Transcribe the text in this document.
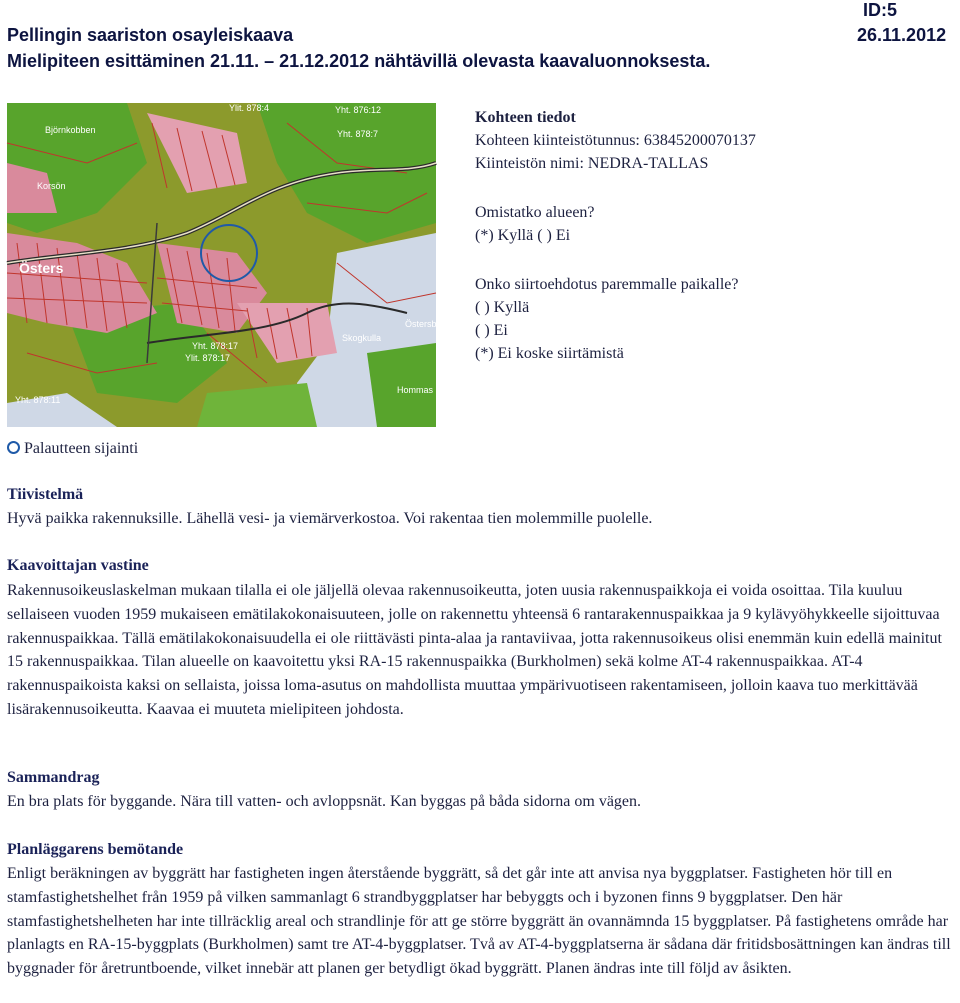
Pellingin saariston osayleiskaava
Mielipiteen esittäminen 21.11. – 21.12.2012 nähtävillä olevasta kaavaluonnoksesta.
ID:5
26.11.2012
Björnkobben
Korsön
Östers
Östersby
Hommas
Skogkulla
Yht. 878:17
Yht. 876:12
Yht. 878:11
Ylit. 878:17
Yht. 878:7
Ylit. 878:4
Kohteen tiedot
Kohteen kiinteistötunnus: 63845200070137
Kiinteistön nimi: NEDRA-TALLAS
Omistatko alueen?
(*) Kyllä ( ) Ei
Onko siirtoehdotus paremmalle paikalle?
( ) Kyllä
( ) Ei
(*) Ei koske siirtämistä
Palautteen sijainti
Tiivistelmä
Hyvä paikka rakennuksille. Lähellä vesi- ja viemärverkostoa. Voi rakentaa tien molemmille puolelle.
Kaavoittajan vastine
Rakennusoikeuslaskelman mukaan tilalla ei ole jäljellä olevaa rakennusoikeutta, joten uusia rakennuspaikkoja ei voida osoittaa. Tila kuuluu sellaiseen vuoden 1959 mukaiseen emätilakokonaisuuteen, jolle on rakennettu yhteensä 6 rantarakennuspaikkaa ja 9 kylävyöhykkeelle sijoittuvaa rakennuspaikkaa. Tällä emätilakokonaisuudella ei ole riittävästi pinta-alaa ja rantaviivaa, jotta rakennusoikeus olisi enemmän kuin edellä mainitut 15 rakennuspaikkaa. Tilan alueelle on kaavoitettu yksi RA-15 rakennuspaikka (Burkholmen) sekä kolme AT-4 rakennuspaikkaa. AT-4 rakennuspaikoista kaksi on sellaista, joissa loma-asutus on mahdollista muuttaa ympärivuotiseen rakentamiseen, jolloin kaava tuo merkittävää lisärakennusoikeutta. Kaavaa ei muuteta mielipiteen johdosta.
Sammandrag
En bra plats för byggande. Nära till vatten- och avloppsnät. Kan byggas på båda sidorna om vägen.
Planläggarens bemötande
Enligt beräkningen av byggrätt har fastigheten ingen återstående byggrätt, så det går inte att anvisa nya byggplatser. Fastigheten hör till en stamfastighetshelhet från 1959 på vilken sammanlagt 6 strandbyggplatser har bebyggts och i byzonen finns 9 byggplatser. Den här stamfastighetshelheten har inte tillräcklig areal och strandlinje för att ge större byggrätt än ovannämnda 15 byggplatser. På fastighetens område har planlagts en RA-15-byggplats (Burkholmen) samt tre AT-4-byggplatser. Två av AT-4-byggplatserna är sådana där fritidsbosättningen kan ändras till byggnader för åretruntboende, vilket innebär att planen ger betydligt ökad byggrätt. Planen ändras inte till följd av åsikten.
